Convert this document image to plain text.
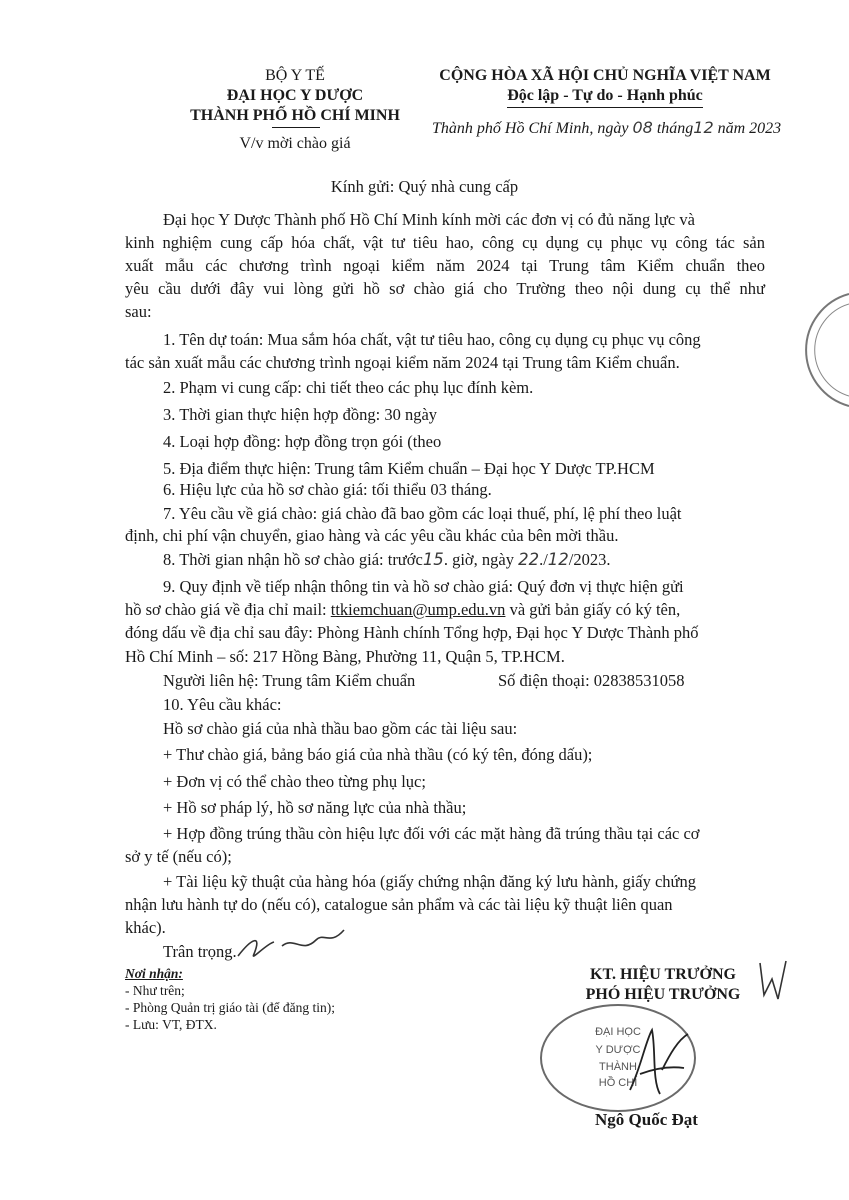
BỘ Y TẾ
ĐẠI HỌC Y DƯỢC
THÀNH PHỐ HỒ CHÍ MINH
V/v mời chào giá
CỘNG HÒA XÃ HỘI CHỦ NGHĨA VIỆT NAM
Độc lập - Tự do - Hạnh phúc
Thành phố Hồ Chí Minh, ngày 08 tháng12 năm 2023
Kính gửi: Quý nhà cung cấp
Đại học Y Dược Thành phố Hồ Chí Minh kính mời các đơn vị có đủ năng lực và
kinh nghiệm cung cấp hóa chất, vật tư tiêu hao, công cụ dụng cụ phục vụ công tác sản
xuất mẫu các chương trình ngoại kiểm năm 2024 tại Trung tâm Kiểm chuẩn theo
yêu cầu dưới đây vui lòng gửi hồ sơ chào giá cho Trường theo nội dung cụ thể như
sau:
1. Tên dự toán: Mua sắm hóa chất, vật tư tiêu hao, công cụ dụng cụ phục vụ công
tác sản xuất mẫu các chương trình ngoại kiểm năm 2024 tại Trung tâm Kiểm chuẩn.
2. Phạm vi cung cấp: chi tiết theo các phụ lục đính kèm.
3. Thời gian thực hiện hợp đồng: 30 ngày
4. Loại hợp đồng: hợp đồng trọn gói (theo
5. Địa điểm thực hiện: Trung tâm Kiểm chuẩn – Đại học Y Dược TP.HCM
6. Hiệu lực của hồ sơ chào giá: tối thiểu 03 tháng.
7. Yêu cầu về giá chào: giá chào đã bao gồm các loại thuế, phí, lệ phí theo luật
định, chi phí vận chuyển, giao hàng và các yêu cầu khác của bên mời thầu.
8. Thời gian nhận hồ sơ chào giá: trước15. giờ, ngày 22./12/2023.
9. Quy định về tiếp nhận thông tin và hồ sơ chào giá: Quý đơn vị thực hiện gửi
hồ sơ chào giá về địa chỉ mail: ttkiemchuan@ump.edu.vn và gửi bản giấy có ký tên,
đóng dấu về địa chỉ sau đây: Phòng Hành chính Tổng hợp, Đại học Y Dược Thành phố
Hồ Chí Minh – số: 217 Hồng Bàng, Phường 11, Quận 5, TP.HCM.
Người liên hệ: Trung tâm Kiểm chuẩn	Số điện thoại: 02838531058
10. Yêu cầu khác:
Hồ sơ chào giá của nhà thầu bao gồm các tài liệu sau:
+ Thư chào giá, bảng báo giá của nhà thầu (có ký tên, đóng dấu);
+ Đơn vị có thể chào theo từng phụ lục;
+ Hồ sơ pháp lý, hồ sơ năng lực của nhà thầu;
+ Hợp đồng trúng thầu còn hiệu lực đối với các mặt hàng đã trúng thầu tại các cơ
sở y tế (nếu có);
+ Tài liệu kỹ thuật của hàng hóa (giấy chứng nhận đăng ký lưu hành, giấy chứng
nhận lưu hành tự do (nếu có), catalogue sản phẩm và các tài liệu kỹ thuật liên quan
khác).
Trân trọng.
Nơi nhận:
- Như trên;
- Phòng Quản trị giáo tài (để đăng tin);
- Lưu: VT, ĐTX.
KT. HIỆU TRƯỞNG
PHÓ HIỆU TRƯỞNG
ĐẠI HỌC
Y DƯỢC
THÀNH
HỒ CHÍ
Ngô Quốc Đạt
